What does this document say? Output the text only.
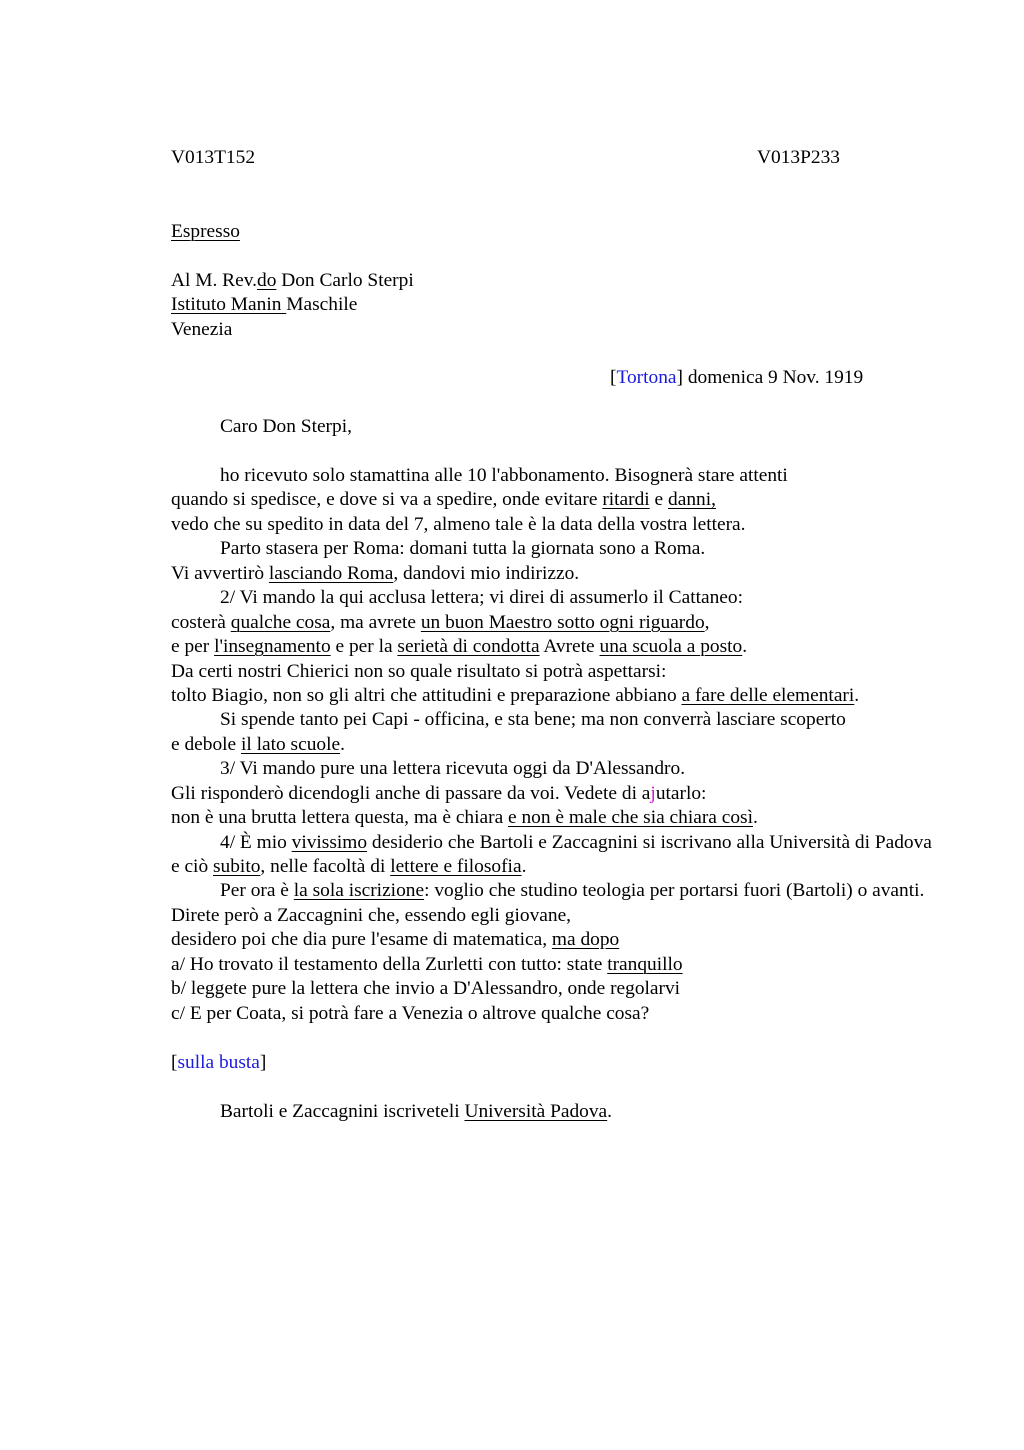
V013T152	V013P233
Espresso
Al M. Rev.do Don Carlo Sterpi
Istituto Manin Maschile
Venezia
[Tortona] domenica 9 Nov. 1919
Caro Don Sterpi,
ho ricevuto solo stamattina alle 10 l'abbonamento. Bisognerà stare attenti
quando si spedisce, e dove si va a spedire, onde evitare ritardi e danni,
vedo che su spedito in data del 7, almeno tale è la data della vostra lettera.
Parto stasera per Roma: domani tutta la giornata sono a Roma.
Vi avvertirò lasciando Roma, dandovi mio indirizzo.
2/ Vi mando la qui acclusa lettera; vi direi di assumerlo il Cattaneo:
costerà qualche cosa, ma avrete un buon Maestro sotto ogni riguardo,
e per l'insegnamento e per la serietà di condotta Avrete una scuola a posto.
Da certi nostri Chierici non so quale risultato si potrà aspettarsi:
tolto Biagio, non so gli altri che attitudini e preparazione abbiano a fare delle elementari.
Si spende tanto pei Capi - officina, e sta bene; ma non converrà lasciare scoperto
e debole il lato scuole.
3/ Vi mando pure una lettera ricevuta oggi da D'Alessandro.
Gli risponderò dicendogli anche di passare da voi. Vedete di ajutarlo:
non è una brutta lettera questa, ma è chiara e non è male che sia chiara così.
4/ È mio vivissimo desiderio che Bartoli e Zaccagnini si iscrivano alla Università di Padova
e ciò subito, nelle facoltà di lettere e filosofia.
Per ora è la sola iscrizione: voglio che studino teologia per portarsi fuori (Bartoli) o avanti.
Direte però a Zaccagnini che, essendo egli giovane,
desidero poi che dia pure l'esame di matematica, ma dopo
a/ Ho trovato il testamento della Zurletti con tutto: state tranquillo
b/ leggete pure la lettera che invio a D'Alessandro, onde regolarvi
c/ E per Coata, si potrà fare a Venezia o altrove qualche cosa?
[sulla busta]
Bartoli e Zaccagnini iscriveteli Università Padova.
